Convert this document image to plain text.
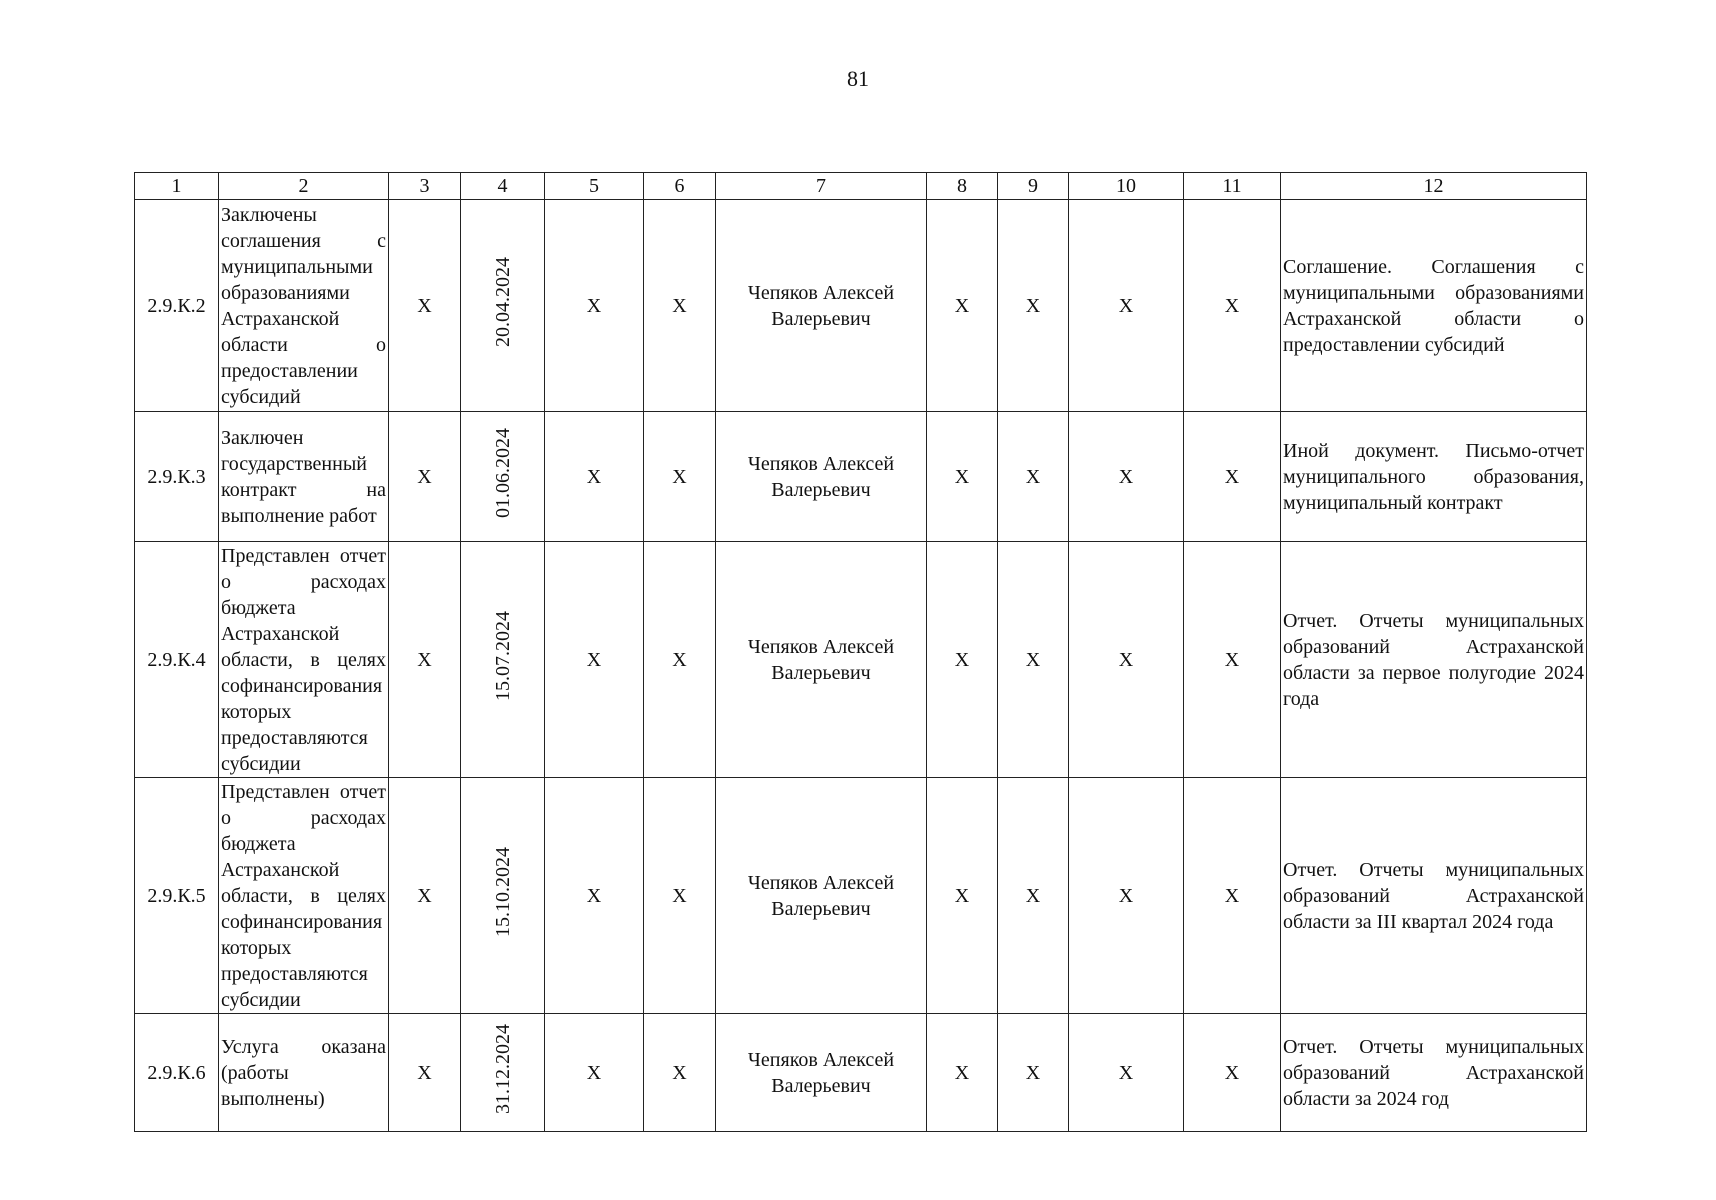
81
1	2	3	4	5	6	7	8	9	10	11	12
2.9.К.2	Заключены соглашения с муниципальными образованиями Астраханской области о предоставлении субсидий	X	20.04.2024	X	X	Чепяков Алексей Валерьевич	X	X	X	X	Соглашение. Соглашения с муниципальными образованиями Астраханской области о предоставлении субсидий
2.9.К.3	Заключен государственный контракт на выполнение работ	X	01.06.2024	X	X	Чепяков Алексей Валерьевич	X	X	X	X	Иной документ. Письмо-отчет муниципального образования, муниципальный контракт
2.9.К.4	Представлен отчет о расходах бюджета Астраханской области, в целях софинансирования которых предоставляются субсидии	X	15.07.2024	X	X	Чепяков Алексей Валерьевич	X	X	X	X	Отчет. Отчеты муниципальных образований Астраханской области за первое полугодие 2024 года
2.9.К.5	Представлен отчет о расходах бюджета Астраханской области, в целях софинансирования которых предоставляются субсидии	X	15.10.2024	X	X	Чепяков Алексей Валерьевич	X	X	X	X	Отчет. Отчеты муниципальных образований Астраханской области за III квартал 2024 года
2.9.К.6	Услуга оказана (работы выполнены)	X	31.12.2024	X	X	Чепяков Алексей Валерьевич	X	X	X	X	Отчет. Отчеты муниципальных образований Астраханской области за 2024 год
